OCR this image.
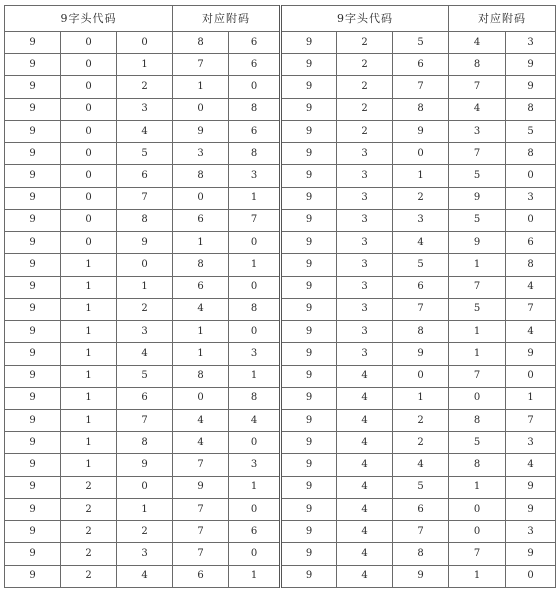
9字头代码			对应附码		9字头代码			对应附码	
9	0	0	8	6	9	2	5	4	3
9	0	1	7	6	9	2	6	8	9
9	0	2	1	0	9	2	7	7	9
9	0	3	0	8	9	2	8	4	8
9	0	4	9	6	9	2	9	3	5
9	0	5	3	8	9	3	0	7	8
9	0	6	8	3	9	3	1	5	0
9	0	7	0	1	9	3	2	9	3
9	0	8	6	7	9	3	3	5	0
9	0	9	1	0	9	3	4	9	6
9	1	0	8	1	9	3	5	1	8
9	1	1	6	0	9	3	6	7	4
9	1	2	4	8	9	3	7	5	7
9	1	3	1	0	9	3	8	1	4
9	1	4	1	3	9	3	9	1	9
9	1	5	8	1	9	4	0	7	0
9	1	6	0	8	9	4	1	0	1
9	1	7	4	4	9	4	2	8	7
9	1	8	4	0	9	4	2	5	3
9	1	9	7	3	9	4	4	8	4
9	2	0	9	1	9	4	5	1	9
9	2	1	7	0	9	4	6	0	9
9	2	2	7	6	9	4	7	0	3
9	2	3	7	0	9	4	8	7	9
9	2	4	6	1	9	4	9	1	0
